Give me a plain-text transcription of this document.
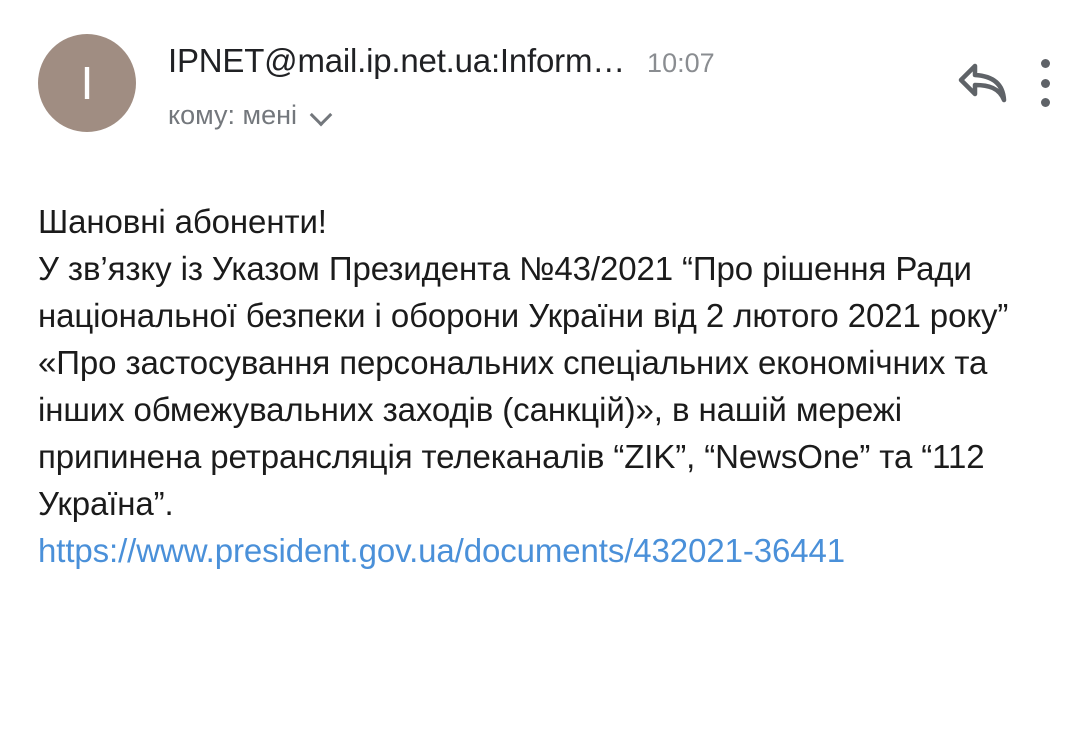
I	IPNET@mail.ip.net.ua:Inform… 10:07
кому: мені

Шановні абоненти!

У зв’язку із Указом Президента №43/2021 “Про рішення Ради національної безпеки і оборони України від 2 лютого 2021 року” «Про застосування персональних спеціальних економічних та інших обмежувальних заходів (санкцій)», в нашій мережі припинена ретрансляція телеканалів “ZIK”, “NewsOne” та “112 Україна”.

https://www.president.gov.ua/documents/432021-36441
